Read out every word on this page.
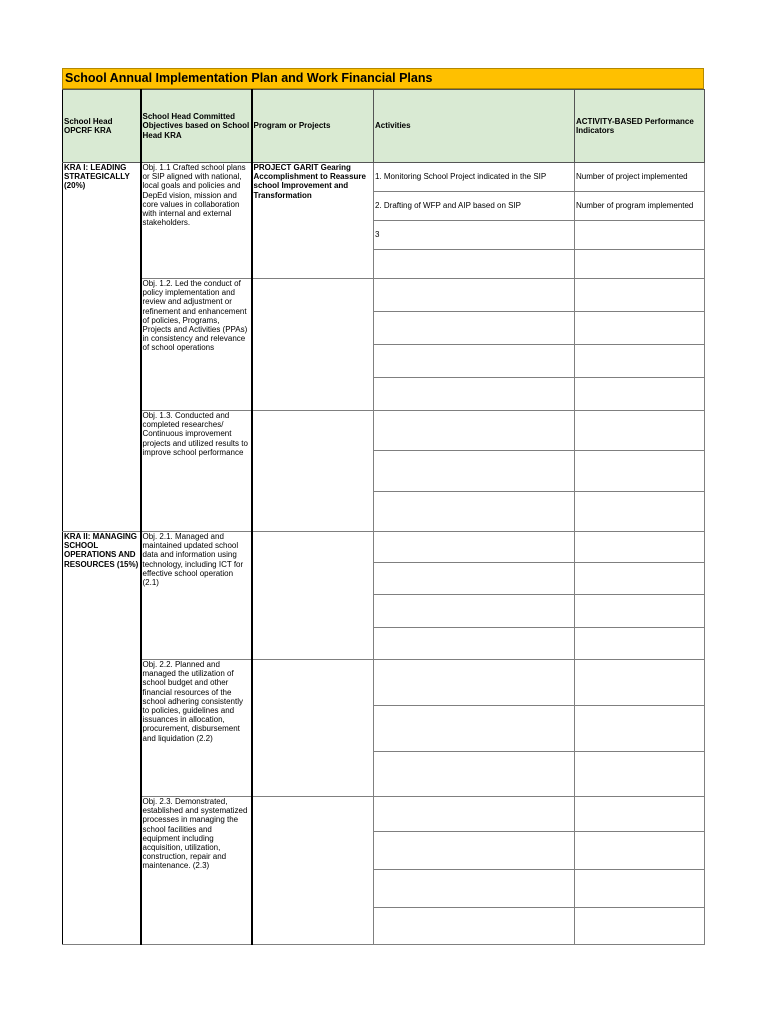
School Annual Implementation Plan and Work Financial Plans
School Head OPCRF KRA	School Head Committed Objectives based on School Head KRA	Program or Projects	Activities	ACTIVITY-BASED Performance Indicators
KRA I: LEADING STRATEGICALLY (20%)	Obj. 1.1 Crafted school plans or SIP aligned with national, local goals and policies and DepEd vision, mission and core values in collaboration with internal and external stakeholders.	PROJECT GARIT Gearing Accomplishment to Reassure school Improvement and Transformation	1. Monitoring School Project indicated in the SIP	Number of project implemented
			2. Drafting of WFP and AIP based on SIP	Number of program implemented
			3	

	Obj. 1.2. Led the conduct of policy implementation and review and adjustment or refinement and enhancement of policies, Programs, Projects and Activities (PPAs) in consistency and relevance of school operations			

	Obj. 1.3. Conducted and completed researches/ Continuous improvement projects and utilized results to improve school performance			

KRA II: MANAGING SCHOOL OPERATIONS AND RESOURCES (15%)	Obj. 2.1. Managed and maintained updated school data and information using technology, including ICT for effective school operation (2.1)			

	Obj. 2.2. Planned and managed the utilization of school budget and other financial resources of the school adhering consistently to policies, guidelines and issuances in allocation, procurement, disbursement and liquidation (2.2)			

	Obj. 2.3. Demonstrated, established and systematized processes in managing the school facilities and equipment including acquisition, utilization, construction, repair and maintenance. (2.3)			
